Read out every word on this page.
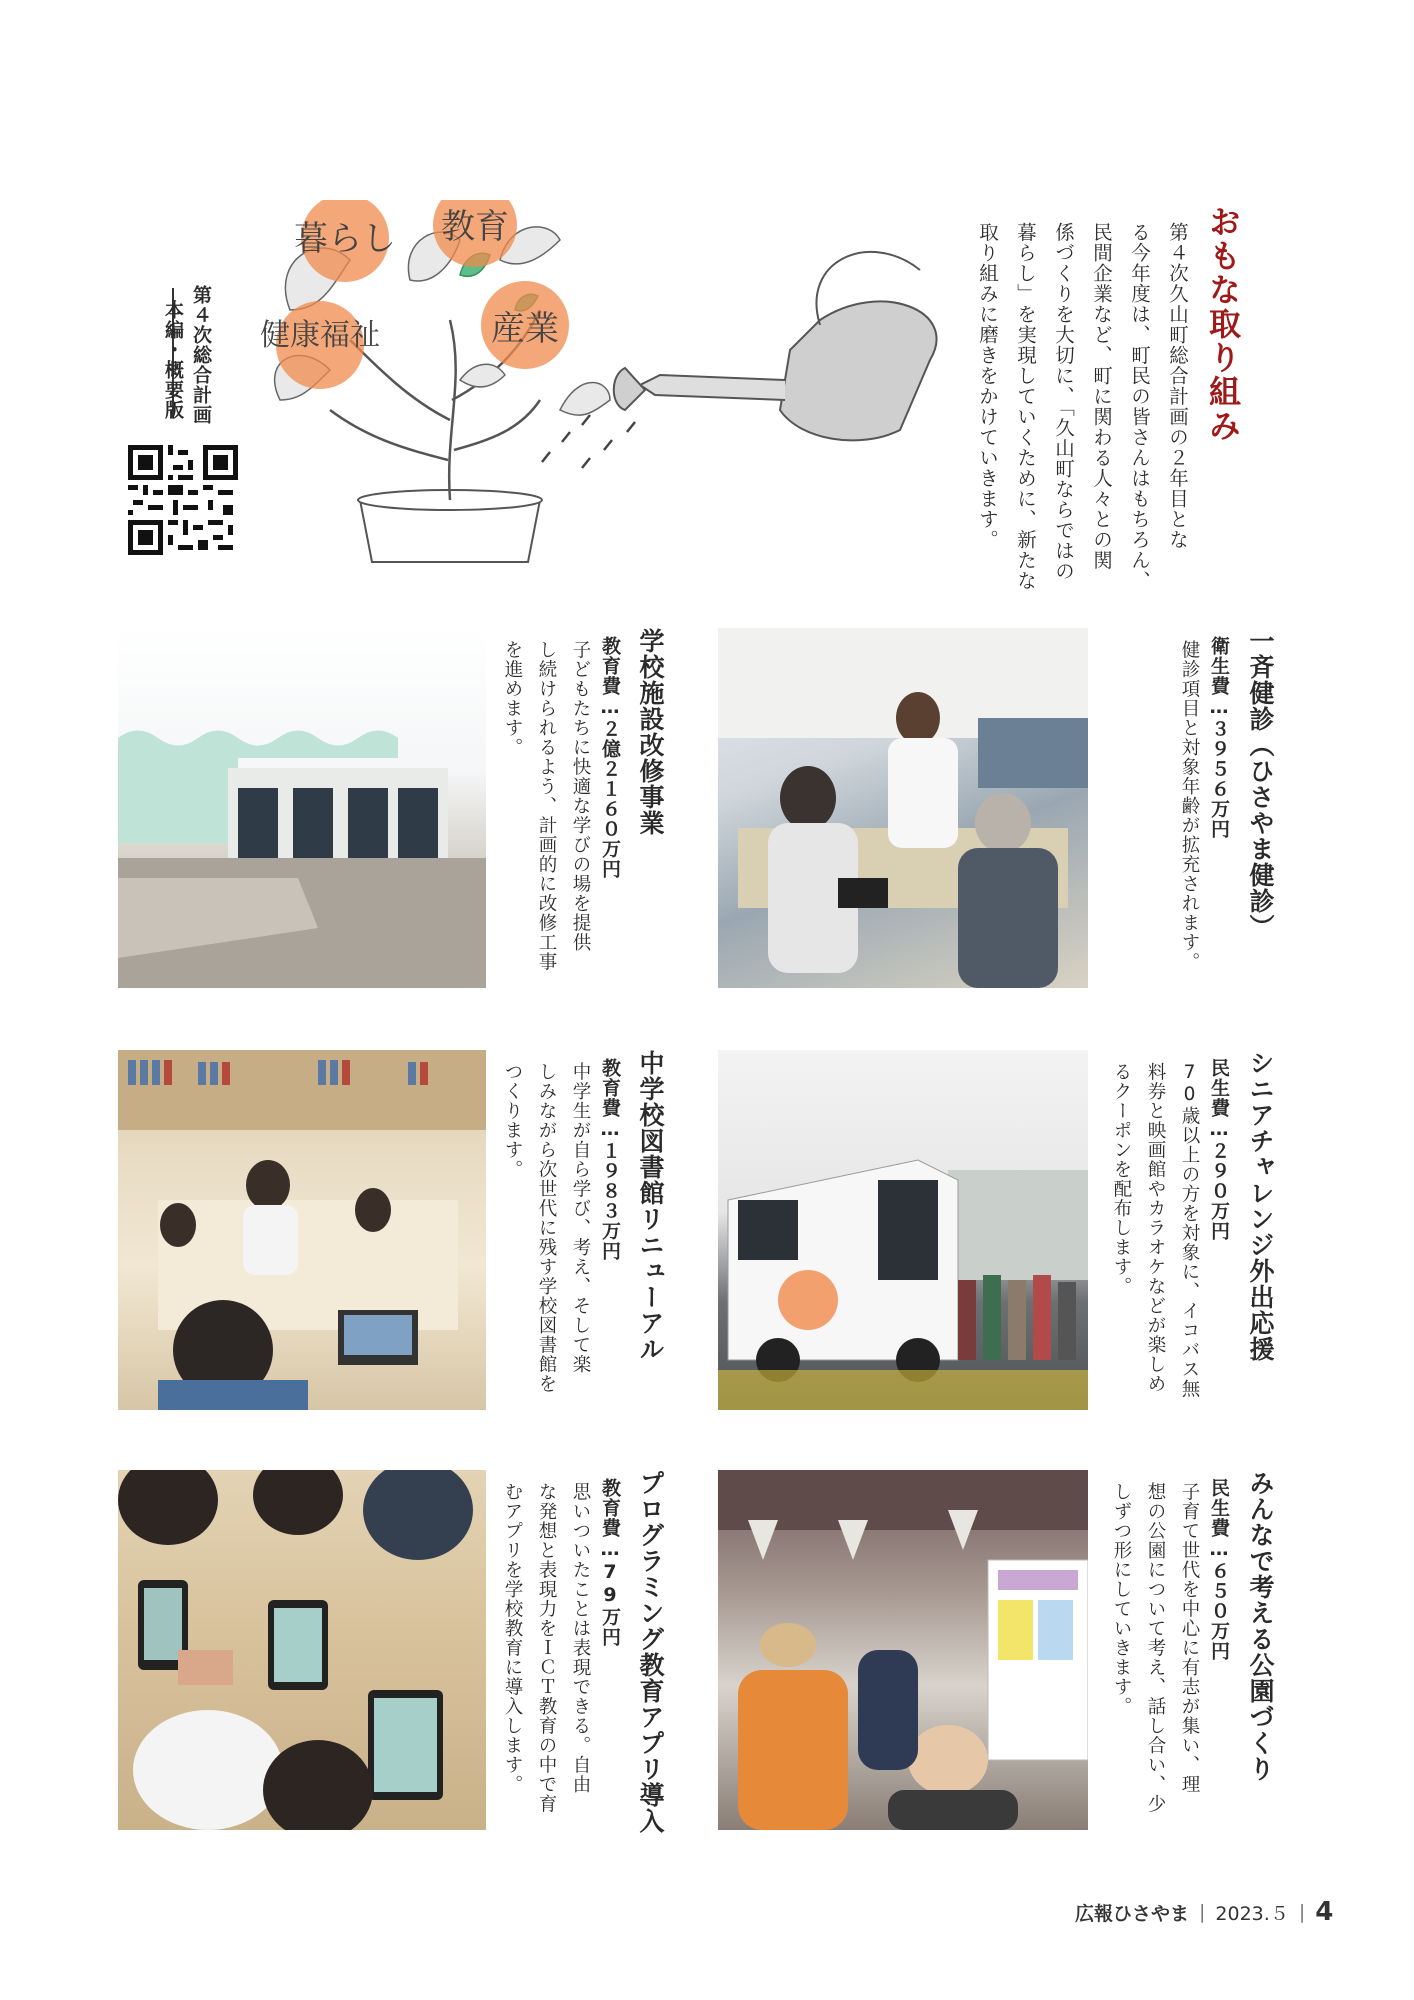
おもな取り組み
第４次久山町総合計画の２年目とな
る今年度は、町民の皆さんはもちろん、
民間企業など、町に関わる人々との関
係づくりを大切に、「久山町ならではの
暮らし」を実現していくために、新たな
取り組みに磨きをかけていきます。
暮らし 教育
健康福祉	産業
第４次総合計画
本編・概要版
一斉健診（ひさやま健診）
衛生費…３９５６万円
健診項目と対象年齢が拡充されます。
学校施設改修事業
教育費…２億２１６０万円
子どもたちに快適な学びの場を提供
し続けられるよう、計画的に改修工事
を進めます。
シニアチャレンジ外出応援
民生費…２９０万円
70歳以上の方を対象に、イコバス無
料券と映画館やカラオケなどが楽しめ
るクーポンを配布します。
中学校図書館リニューアル
教育費…１９８３万円
中学生が自ら学び、考え、そして楽
しみながら次世代に残す学校図書館を
つくります。
みんなで考える公園づくり
民生費…６５０万円
子育て世代を中心に有志が集い、理
想の公園について考え、話し合い、少
しずつ形にしていきます。
プログラミング教育アプリ導入
教育費…79万円
思いついたことは表現できる。自由
な発想と表現力をＩＣＴ教育の中で育
むアプリを学校教育に導入します。
広報ひさやま | 2023.５ | 4
